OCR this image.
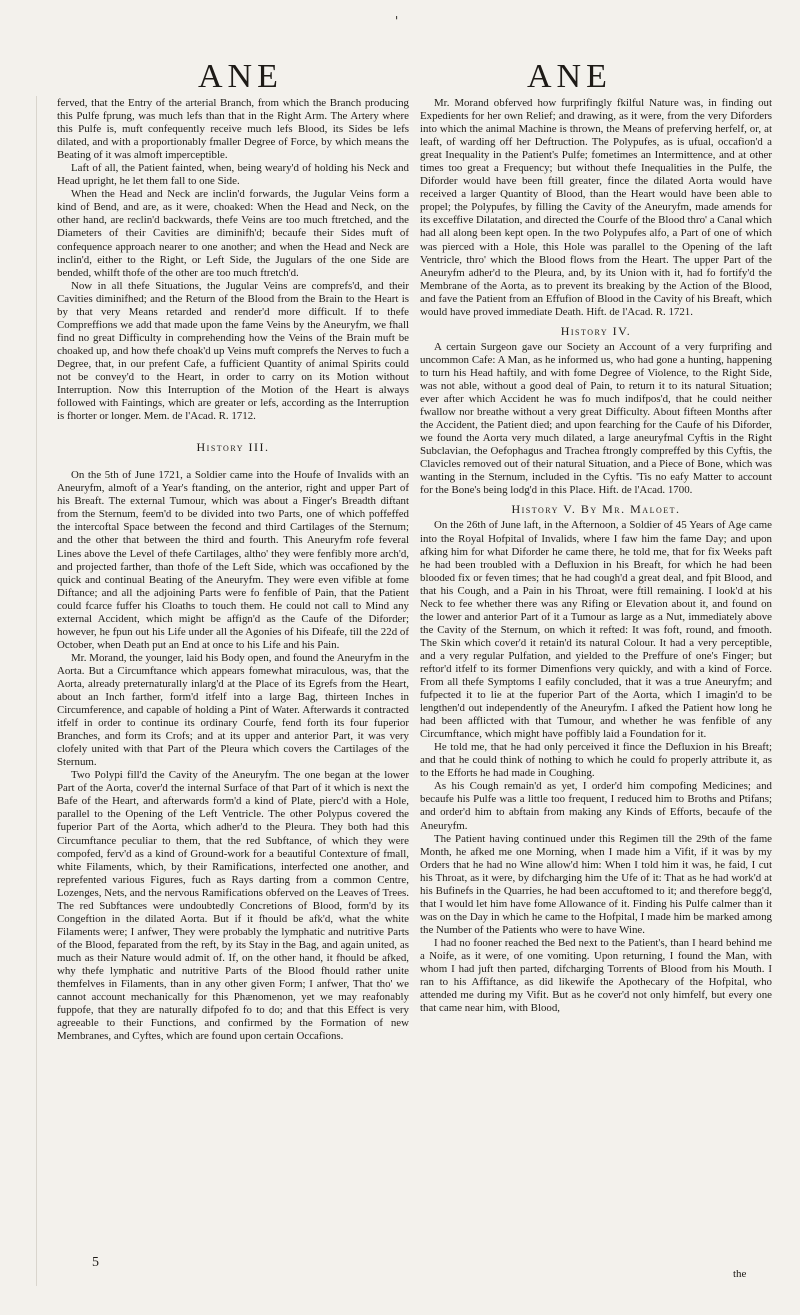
'
ANE	ANE

ferved, that the Entry of the arterial Branch, from which the Branch producing this Pulfe fprung, was much lefs than that in the Right Arm. The Artery where this Pulfe is, muft confequently receive much lefs Blood, its Sides be lefs dilated, and with a proportionably fmaller Degree of Force, by which means the Beating of it was almoft imperceptible.

Laft of all, the Patient fainted, when, being weary'd of holding his Neck and Head upright, he let them fall to one Side.

When the Head and Neck are inclin'd forwards, the Jugular Veins form a kind of Bend, and are, as it were, choaked: When the Head and Neck, on the other hand, are reclin'd backwards, thefe Veins are too much ftretched, and the Diameters of their Cavities are diminifh'd; becaufe their Sides muft of confequence approach nearer to one another; and when the Head and Neck are inclin'd, either to the Right, or Left Side, the Jugulars of the one Side are bended, whilft thofe of the other are too much ftretch'd.

Now in all thefe Situations, the Jugular Veins are comprefs'd, and their Cavities diminifhed; and the Return of the Blood from the Brain to the Heart is by that very Means retarded and render'd more difficult. If to thefe Compreffions we add that made upon the fame Veins by the Aneuryfm, we fhall find no great Difficulty in comprehending how the Veins of the Brain muft be choaked up, and how thefe choak'd up Veins muft comprefs the Nerves to fuch a Degree, that, in our prefent Cafe, a fufficient Quantity of animal Spirits could not be convey'd to the Heart, in order to carry on its Motion without Interruption. Now this Interruption of the Motion of the Heart is always followed with Faintings, which are greater or lefs, according as the Interruption is fhorter or longer. Mem. de l'Acad. R. 1712.

History III.

On the 5th of June 1721, a Soldier came into the Houfe of Invalids with an Aneuryfm, almoft of a Year's ftanding, on the anterior, right and upper Part of his Breaft. The external Tumour, which was about a Finger's Breadth diftant from the Sternum, feem'd to be divided into two Parts, one of which poffeffed the intercoftal Space between the fecond and third Cartilages of the Sternum; and the other that between the third and fourth. This Aneuryfm rofe feveral Lines above the Level of thefe Cartilages, altho' they were fenfibly more arch'd, and projected farther, than thofe of the Left Side, which was occafioned by the quick and continual Beating of the Aneuryfm. They were even vifible at fome Diftance; and all the adjoining Parts were fo fenfible of Pain, that the Patient could fcarce fuffer his Cloaths to touch them. He could not call to Mind any external Accident, which might be affign'd as the Caufe of the Diforder; however, he fpun out his Life under all the Agonies of his Difeafe, till the 22d of October, when Death put an End at once to his Life and his Pain.

Mr. Morand, the younger, laid his Body open, and found the Aneuryfm in the Aorta. But a Circumftance which appears fomewhat miraculous, was, that the Aorta, already preternaturally inlarg'd at the Place of its Egrefs from the Heart, about an Inch farther, form'd itfelf into a large Bag, thirteen Inches in Circumference, and capable of holding a Pint of Water. Afterwards it contracted itfelf in order to continue its ordinary Courfe, fend forth its four fuperior Branches, and form its Crofs; and at its upper and anterior Part, it was very clofely united with that Part of the Pleura which covers the Cartilages of the Sternum.

Two Polypi fill'd the Cavity of the Aneuryfm. The one began at the lower Part of the Aorta, cover'd the internal Surface of that Part of it which is next the Bafe of the Heart, and afterwards form'd a kind of Plate, pierc'd with a Hole, parallel to the Opening of the Left Ventricle. The other Polypus covered the fuperior Part of the Aorta, which adher'd to the Pleura. They both had this Circumftance peculiar to them, that the red Subftance, of which they were compofed, ferv'd as a kind of Ground-work for a beautiful Contexture of fmall, white Filaments, which, by their Ramifications, interfected one another, and reprefented various Figures, fuch as Rays darting from a common Centre, Lozenges, Nets, and the nervous Ramifications obferved on the Leaves of Trees. The red Subftances were undoubtedly Concretions of Blood, form'd by its Congeftion in the dilated Aorta. But if it fhould be afk'd, what the white Filaments were; I anfwer, They were probably the lymphatic and nutritive Parts of the Blood, feparated from the reft, by its Stay in the Bag, and again united, as much as their Nature would admit of. If, on the other hand, it fhould be afked, why thefe lymphatic and nutritive Parts of the Blood fhould rather unite themfelves in Filaments, than in any other given Form; I anfwer, That tho' we cannot account mechanically for this Phænomenon, yet we may reafonably fuppofe, that they are naturally difpofed fo to do; and that this Effect is very agreeable to their Functions, and confirmed by the Formation of new Membranes, and Cyftes, which are found upon certain Occafions.

Mr. Morand obferved how furprifingly fkilful Nature was, in finding out Expedients for her own Relief; and drawing, as it were, from the very Diforders into which the animal Machine is thrown, the Means of preferving herfelf, or, at leaft, of warding off her Deftruction. The Polypufes, as is ufual, occafion'd a great Inequality in the Patient's Pulfe; fometimes an Intermittence, and at other times too great a Frequency; but without thefe Inequalities in the Pulfe, the Diforder would have been ftill greater, fince the dilated Aorta would have received a larger Quantity of Blood, than the Heart would have been able to propel; the Polypufes, by filling the Cavity of the Aneuryfm, made amends for its exceffive Dilatation, and directed the Courfe of the Blood thro' a Canal which had all along been kept open. In the two Polypufes alfo, a Part of one of which was pierced with a Hole, this Hole was parallel to the Opening of the laft Ventricle, thro' which the Blood flows from the Heart. The upper Part of the Aneuryfm adher'd to the Pleura, and, by its Union with it, had fo fortify'd the Membrane of the Aorta, as to prevent its breaking by the Action of the Blood, and fave the Patient from an Effufion of Blood in the Cavity of his Breaft, which would have proved immediate Death. Hift. de l'Acad. R. 1721.

History IV.

A certain Surgeon gave our Society an Account of a very furprifing and uncommon Cafe: A Man, as he informed us, who had gone a hunting, happening to turn his Head haftily, and with fome Degree of Violence, to the Right Side, was not able, without a good deal of Pain, to return it to its natural Situation; ever after which Accident he was fo much indifpos'd, that he could neither fwallow nor breathe without a very great Difficulty. About fifteen Months after the Accident, the Patient died; and upon fearching for the Caufe of his Diforder, we found the Aorta very much dilated, a large aneuryfmal Cyftis in the Right Subclavian, the Oefophagus and Trachea ftrongly compreffed by this Cyftis, the Clavicles removed out of their natural Situation, and a Piece of Bone, which was wanting in the Sternum, included in the Cyftis. 'Tis no eafy Matter to account for the Bone's being lodg'd in this Place. Hift. de l'Acad. 1700.

History V. By Mr. Maloet.

On the 26th of June laft, in the Afternoon, a Soldier of 45 Years of Age came into the Royal Hofpital of Invalids, where I faw him the fame Day; and upon afking him for what Diforder he came there, he told me, that for fix Weeks paft he had been troubled with a Defluxion in his Breaft, for which he had been blooded fix or feven times; that he had cough'd a great deal, and fpit Blood, and that his Cough, and a Pain in his Throat, were ftill remaining. I look'd at his Neck to fee whether there was any Rifing or Elevation about it, and found on the lower and anterior Part of it a Tumour as large as a Nut, immediately above the Cavity of the Sternum, on which it refted: It was foft, round, and fmooth. The Skin which cover'd it retain'd its natural Colour. It had a very perceptible, and a very regular Pulfation, and yielded to the Preffure of one's Finger; but reftor'd itfelf to its former Dimenfions very quickly, and with a kind of Force. From all thefe Symptoms I eafily concluded, that it was a true Aneuryfm; and fufpected it to lie at the fuperior Part of the Aorta, which I imagin'd to be lengthen'd out independently of the Aneuryfm. I afked the Patient how long he had been afflicted with that Tumour, and whether he was fenfible of any Circumftance, which might have poffibly laid a Foundation for it.

He told me, that he had only perceived it fince the Defluxion in his Breaft; and that he could think of nothing to which he could fo properly attribute it, as to the Efforts he had made in Coughing.

As his Cough remain'd as yet, I order'd him compofing Medicines; and becaufe his Pulfe was a little too frequent, I reduced him to Broths and Ptifans; and order'd him to abftain from making any Kinds of Efforts, becaufe of the Aneuryfm.

The Patient having continued under this Regimen till the 29th of the fame Month, he afked me one Morning, when I made him a Vifit, if it was by my Orders that he had no Wine allow'd him: When I told him it was, he faid, I cut his Throat, as it were, by difcharging him the Ufe of it: That as he had work'd at his Bufinefs in the Quarries, he had been accuftomed to it; and therefore begg'd, that I would let him have fome Allowance of it. Finding his Pulfe calmer than it was on the Day in which he came to the Hofpital, I made him be marked among the Number of the Patients who were to have Wine.

I had no fooner reached the Bed next to the Patient's, than I heard behind me a Noife, as it were, of one vomiting. Upon returning, I found the Man, with whom I had juft then parted, difcharging Torrents of Blood from his Mouth. I ran to his Affiftance, as did likewife the Apothecary of the Hofpital, who attended me during my Vifit. But as he cover'd not only himfelf, but every one that came near him, with Blood,

5
the
